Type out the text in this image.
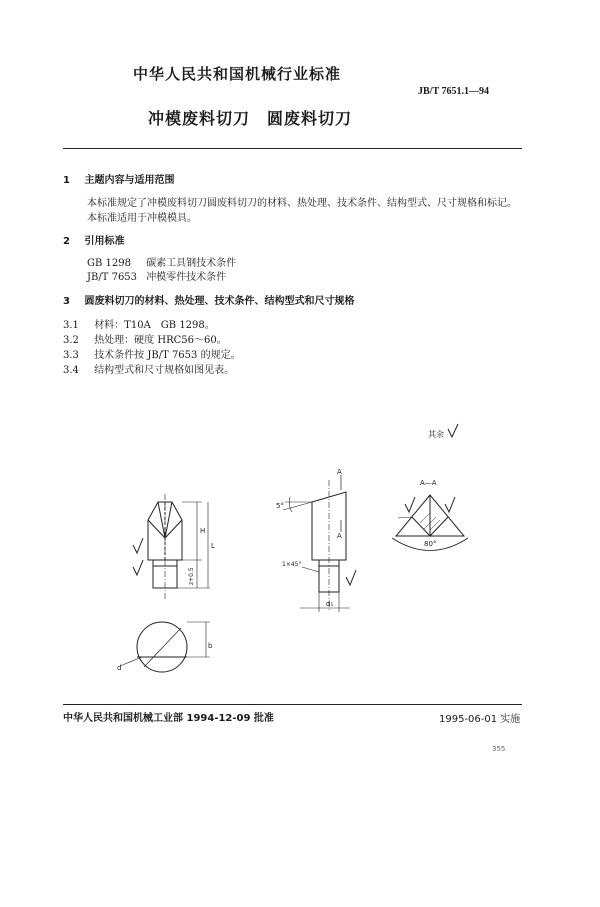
中华人民共和国机械行业标准
JB/T 7651.1—94
冲模废料切刀　圆废料切刀
1 主题内容与适用范围
本标准规定了冲模废料切刀圆废料切刀的材料、热处理、技术条件、结构型式、尺寸规格和标记。
本标准适用于冲模模具。
2 引用标准
GB 1298 碳素工具钢技术条件
JB/T 7653 冲模零件技术条件
3 圆废料切刀的材料、热处理、技术条件、结构型式和尺寸规格
3.1 材料：T10A　GB 1298。
3.2 热处理：硬度 HRC56～60。
3.3 技术条件按 JB/T 7653 的规定。
3.4 结构型式和尺寸规格如图见表。
其余
H
L
z+0.5
b
d
5°
A
A
1×45°
d₁
A—A
80°
中华人民共和国机械工业部 1994-12-09 批准	1995-06-01 实施
355
